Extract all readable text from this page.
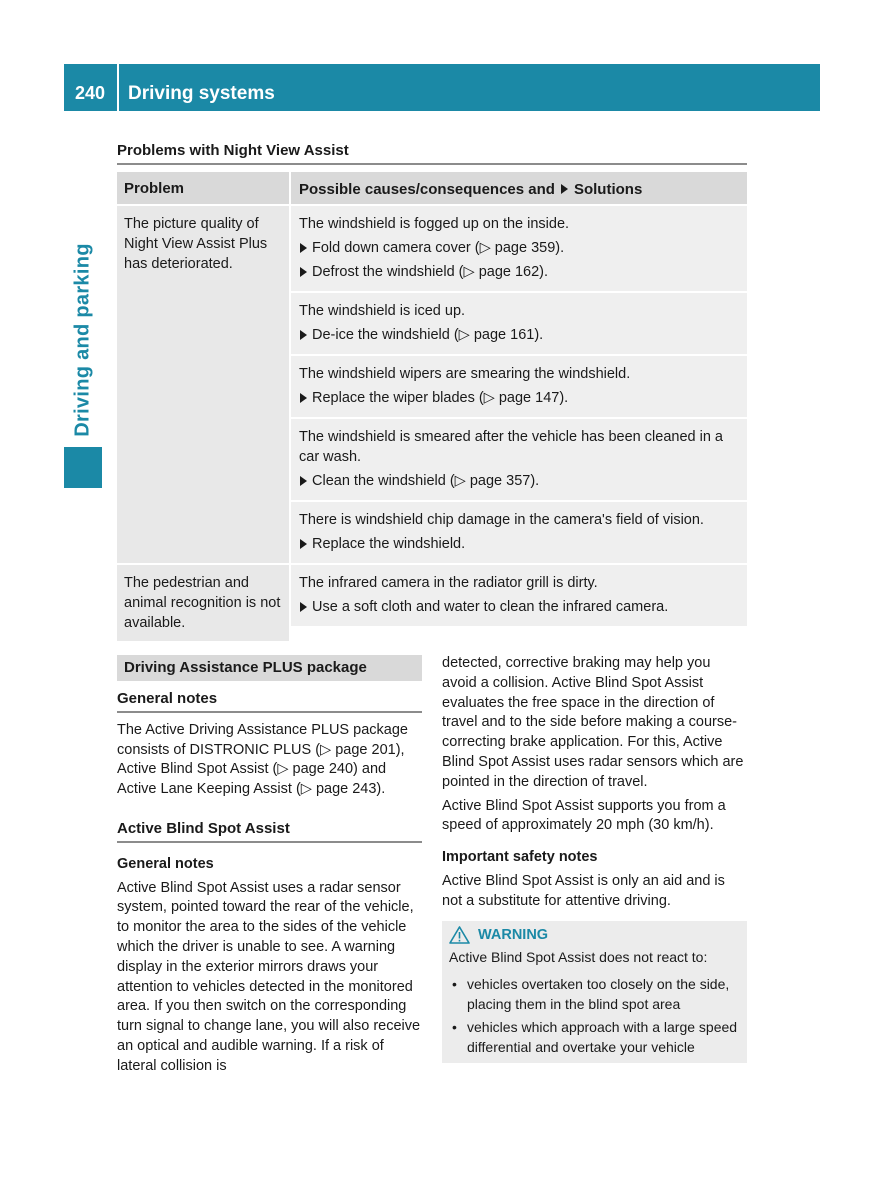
240	Driving systems
Driving and parking
Problems with Night View Assist
Problem	Possible causes/consequences and Solutions
The picture quality of Night View Assist Plus has deteriorated.

The windshield is fogged up on the inside.

Fold down camera cover (▷ page 359).
Defrost the windshield (▷ page 162).

The windshield is iced up.

De-ice the windshield (▷ page 161).

The windshield wipers are smearing the windshield.

Replace the wiper blades (▷ page 147).

The windshield is smeared after the vehicle has been cleaned in a car wash.

Clean the windshield (▷ page 357).

There is windshield chip damage in the camera's field of vision.

Replace the windshield.
The pedestrian and animal recognition is not available.

The infrared camera in the radiator grill is dirty.

Use a soft cloth and water to clean the infrared camera.
Driving Assistance PLUS package
General notes

The Active Driving Assistance PLUS package consists of DISTRONIC PLUS (▷ page 201), Active Blind Spot Assist (▷ page 240) and Active Lane Keeping Assist (▷ page 243).

Active Blind Spot Assist
General notes

Active Blind Spot Assist uses a radar sensor system, pointed toward the rear of the vehicle, to monitor the area to the sides of the vehicle which the driver is unable to see. A warning display in the exterior mirrors draws your attention to vehicles detected in the monitored area. If you then switch on the corresponding turn signal to change lane, you will also receive an optical and audible warning. If a risk of lateral collision is

detected, corrective braking may help you avoid a collision. Active Blind Spot Assist evaluates the free space in the direction of travel and to the side before making a course-correcting brake application. For this, Active Blind Spot Assist uses radar sensors which are pointed in the direction of travel.

Active Blind Spot Assist supports you from a speed of approximately 20 mph (30 km/h).

Important safety notes

Active Blind Spot Assist is only an aid and is not a substitute for attentive driving.

WARNING

Active Blind Spot Assist does not react to:

• vehicles overtaken too closely on the side, placing them in the blind spot area
• vehicles which approach with a large speed differential and overtake your vehicle
